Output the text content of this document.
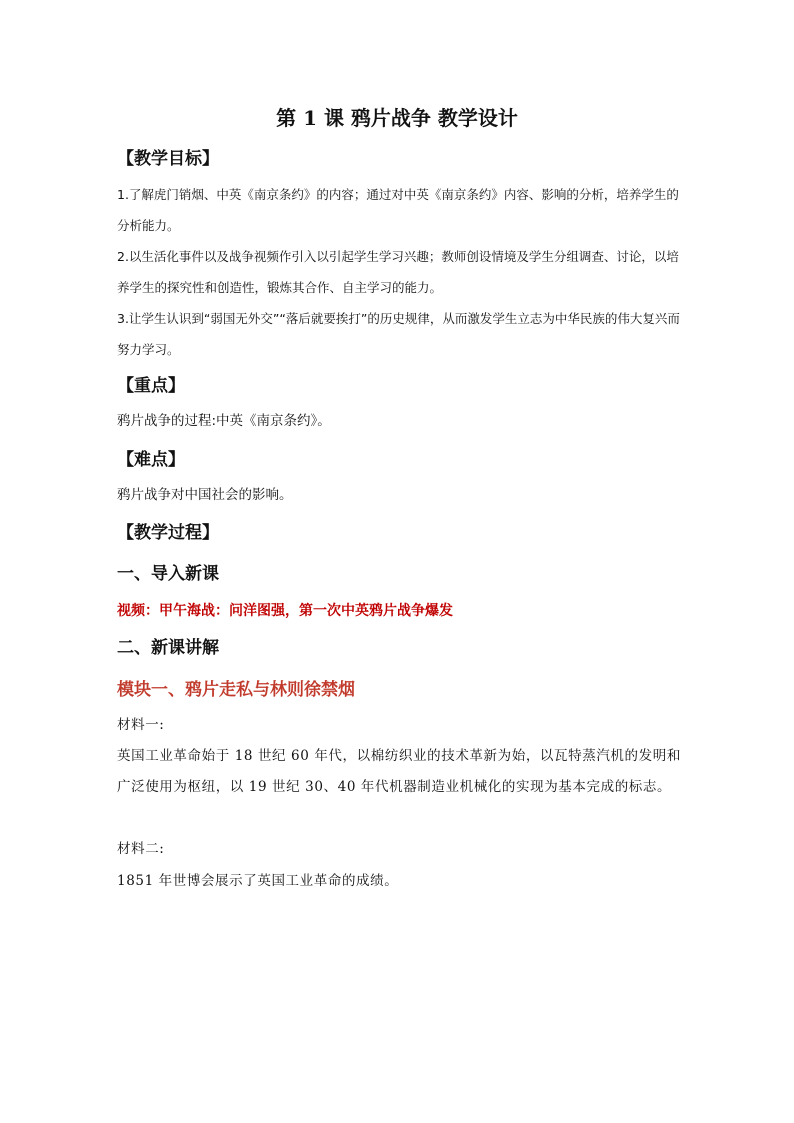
第 1 课 鸦片战争 教学设计
【教学目标】
1.了解虎门销烟、中英《南京条约》的内容；通过对中英《南京条约》内容、影响的分析，培养学生的分析能力。
2.以生活化事件以及战争视频作引入以引起学生学习兴趣；教师创设情境及学生分组调查、讨论，以培养学生的探究性和创造性，锻炼其合作、自主学习的能力。
3.让学生认识到“弱国无外交”“落后就要挨打”的历史规律，从而激发学生立志为中华民族的伟大复兴而努力学习。
【重点】
鸦片战争的过程:中英《南京条约》。
【难点】
鸦片战争对中国社会的影响。
【教学过程】
一、导入新课
视频：甲午海战：问洋图强，第一次中英鸦片战争爆发
二、新课讲解
模块一、鸦片走私与林则徐禁烟
材料一:
英国工业革命始于 18 世纪 60 年代，以棉纺织业的技术革新为始，以瓦特蒸汽机的发明和广泛使用为枢纽，以 19 世纪 30、40 年代机器制造业机械化的实现为基本完成的标志。
材料二:
1851 年世博会展示了英国工业革命的成绩。
